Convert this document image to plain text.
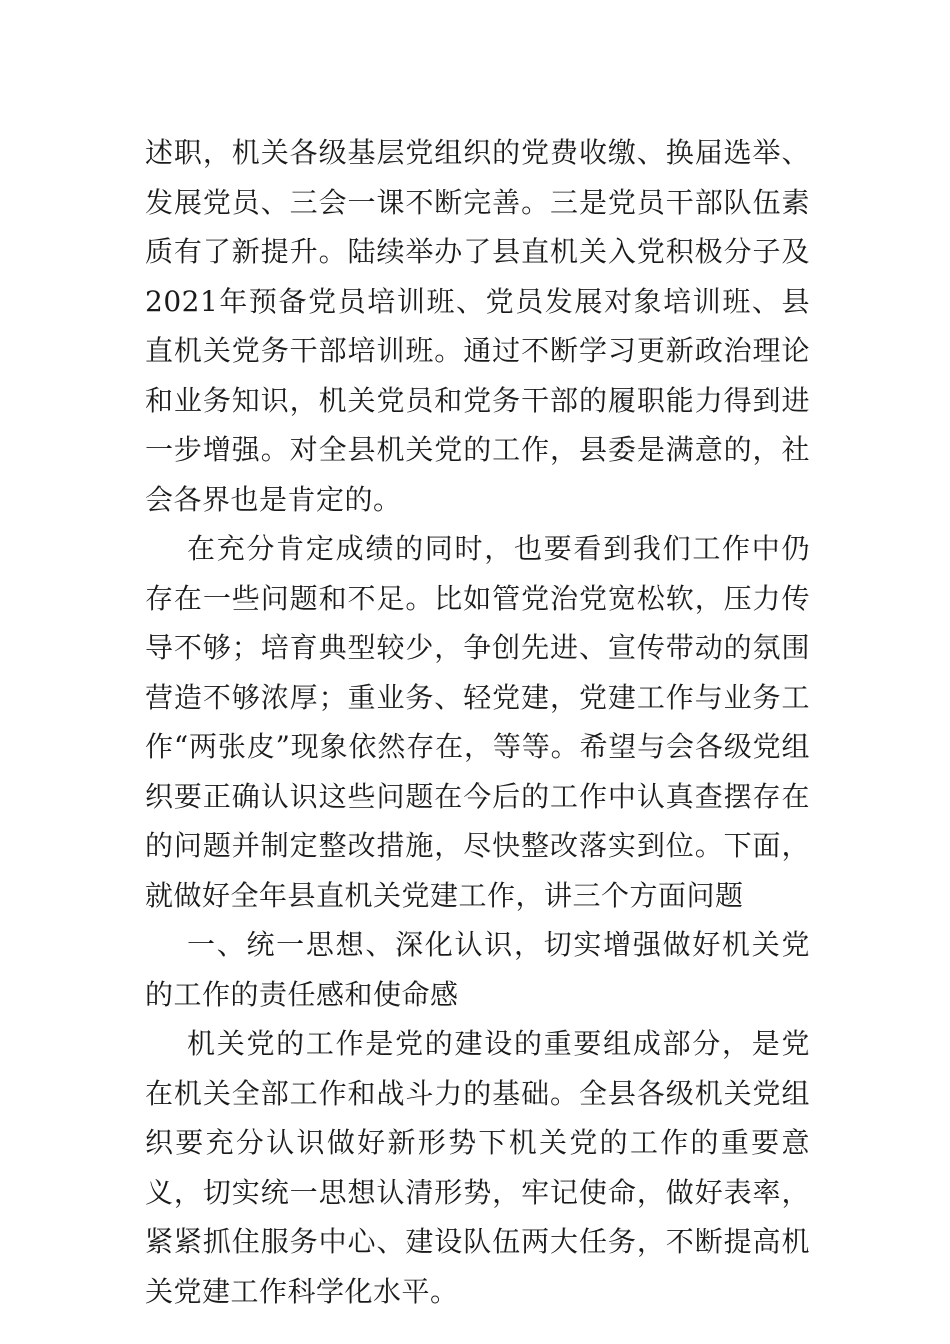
述职，机关各级基层党组织的党费收缴、换届选举、发展党员、三会一课不断完善。三是党员干部队伍素质有了新提升。陆续举办了县直机关入党积极分子及2021年预备党员培训班、党员发展对象培训班、县直机关党务干部培训班。通过不断学习更新政治理论和业务知识，机关党员和党务干部的履职能力得到进一步增强。对全县机关党的工作，县委是满意的，社会各界也是肯定的。

在充分肯定成绩的同时，也要看到我们工作中仍存在一些问题和不足。比如管党治党宽松软，压力传导不够；培育典型较少，争创先进、宣传带动的氛围营造不够浓厚；重业务、轻党建，党建工作与业务工作“两张皮”现象依然存在，等等。希望与会各级党组织要正确认识这些问题在今后的工作中认真查摆存在的问题并制定整改措施，尽快整改落实到位。下面，就做好全年县直机关党建工作，讲三个方面问题

一、统一思想、深化认识，切实增强做好机关党的工作的责任感和使命感

机关党的工作是党的建设的重要组成部分，是党在机关全部工作和战斗力的基础。全县各级机关党组织要充分认识做好新形势下机关党的工作的重要意义，切实统一思想认清形势，牢记使命，做好表率，紧紧抓住服务中心、建设队伍两大任务，不断提高机关党建工作科学化水平。
